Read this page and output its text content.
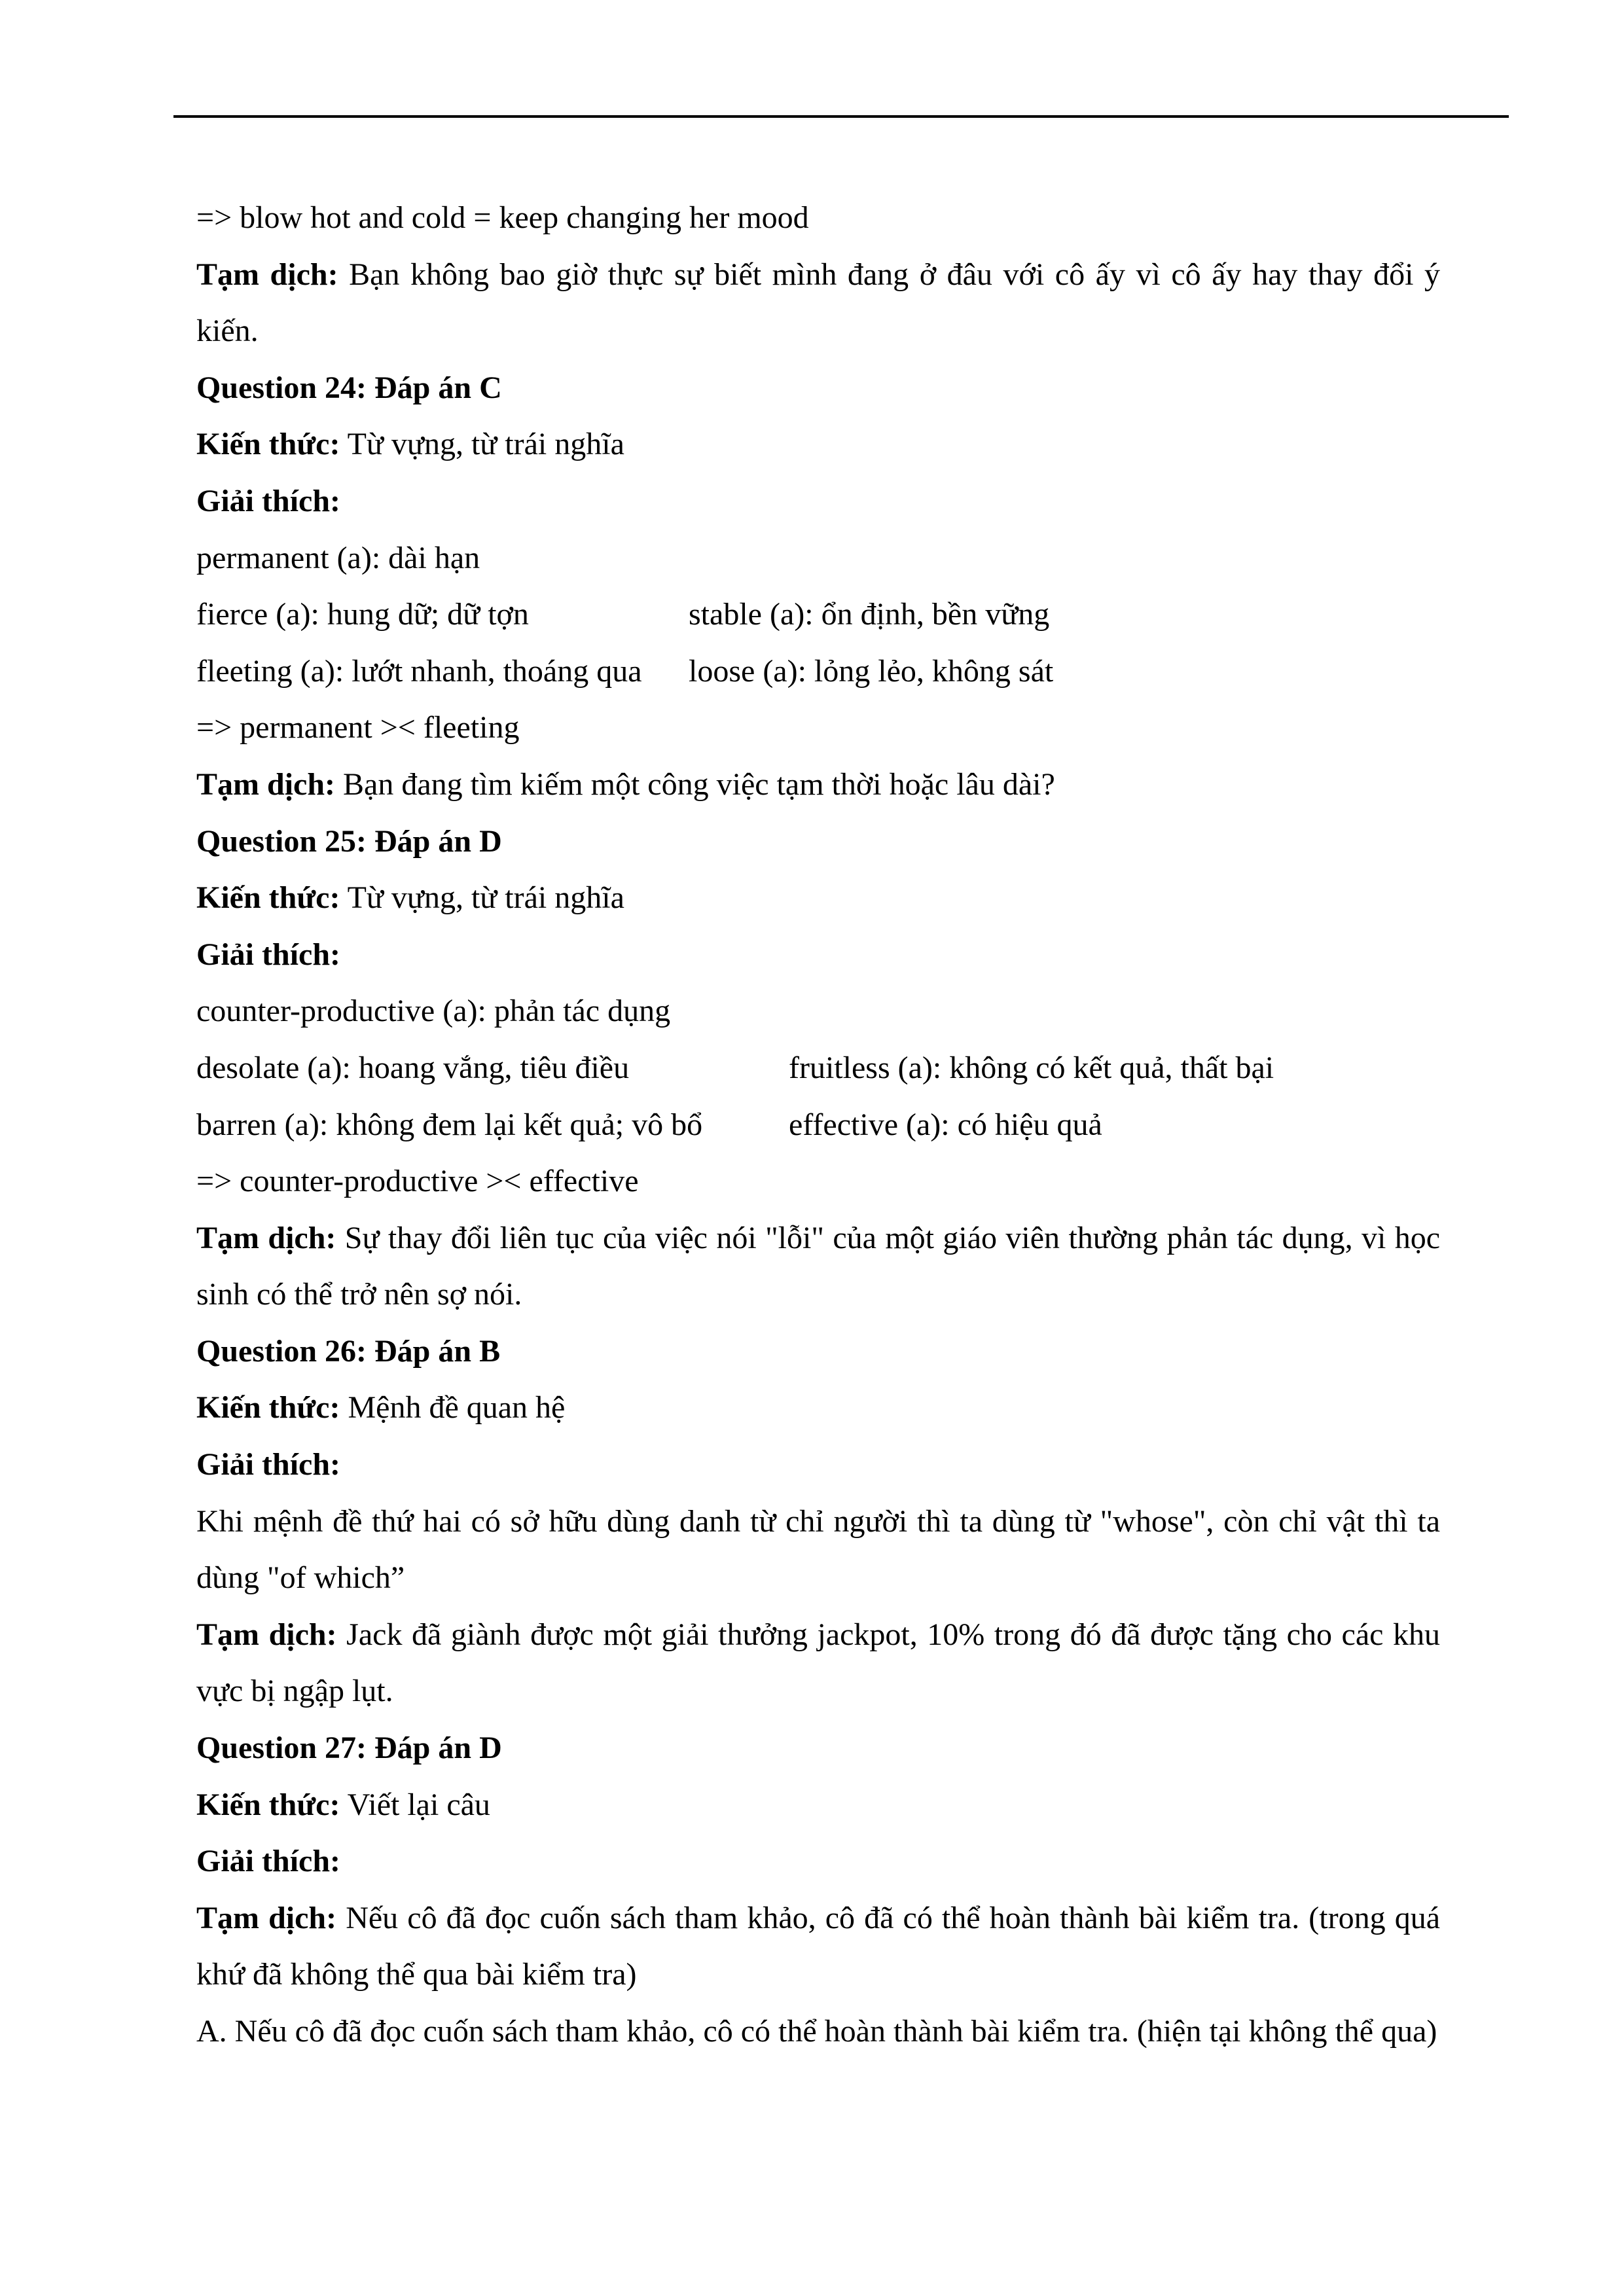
=> blow hot and cold = keep changing her mood
Tạm dịch: Bạn không bao giờ thực sự biết mình đang ở đâu với cô ấy vì cô ấy hay thay đổi ý kiến.
Question 24: Đáp án C
Kiến thức: Từ vựng, từ trái nghĩa
Giải thích:
permanent (a): dài hạn
fierce (a): hung dữ; dữ tợn	stable (a): ổn định, bền vững
fleeting (a): lướt nhanh, thoáng qua	loose (a): lỏng lẻo, không sát
=> permanent >< fleeting
Tạm dịch: Bạn đang tìm kiếm một công việc tạm thời hoặc lâu dài?
Question 25: Đáp án D
Kiến thức: Từ vựng, từ trái nghĩa
Giải thích:
counter-productive (a): phản tác dụng
desolate (a): hoang vắng, tiêu điều	fruitless (a): không có kết quả, thất bại
barren (a): không đem lại kết quả; vô bổ	effective (a): có hiệu quả
=> counter-productive >< effective
Tạm dịch: Sự thay đổi liên tục của việc nói "lỗi" của một giáo viên thường phản tác dụng, vì học sinh có thể trở nên sợ nói.
Question 26: Đáp án B
Kiến thức: Mệnh đề quan hệ
Giải thích:
Khi mệnh đề thứ hai có sở hữu dùng danh từ chỉ người thì ta dùng từ "whose", còn chỉ vật thì ta dùng "of which”
Tạm dịch: Jack đã giành được một giải thưởng jackpot, 10% trong đó đã được tặng cho các khu vực bị ngập lụt.
Question 27: Đáp án D
Kiến thức: Viết lại câu
Giải thích:
Tạm dịch: Nếu cô đã đọc cuốn sách tham khảo, cô đã có thể hoàn thành bài kiểm tra. (trong quá khứ đã không thể qua bài kiểm tra)
A. Nếu cô đã đọc cuốn sách tham khảo, cô có thể hoàn thành bài kiểm tra. (hiện tại không thể qua)
